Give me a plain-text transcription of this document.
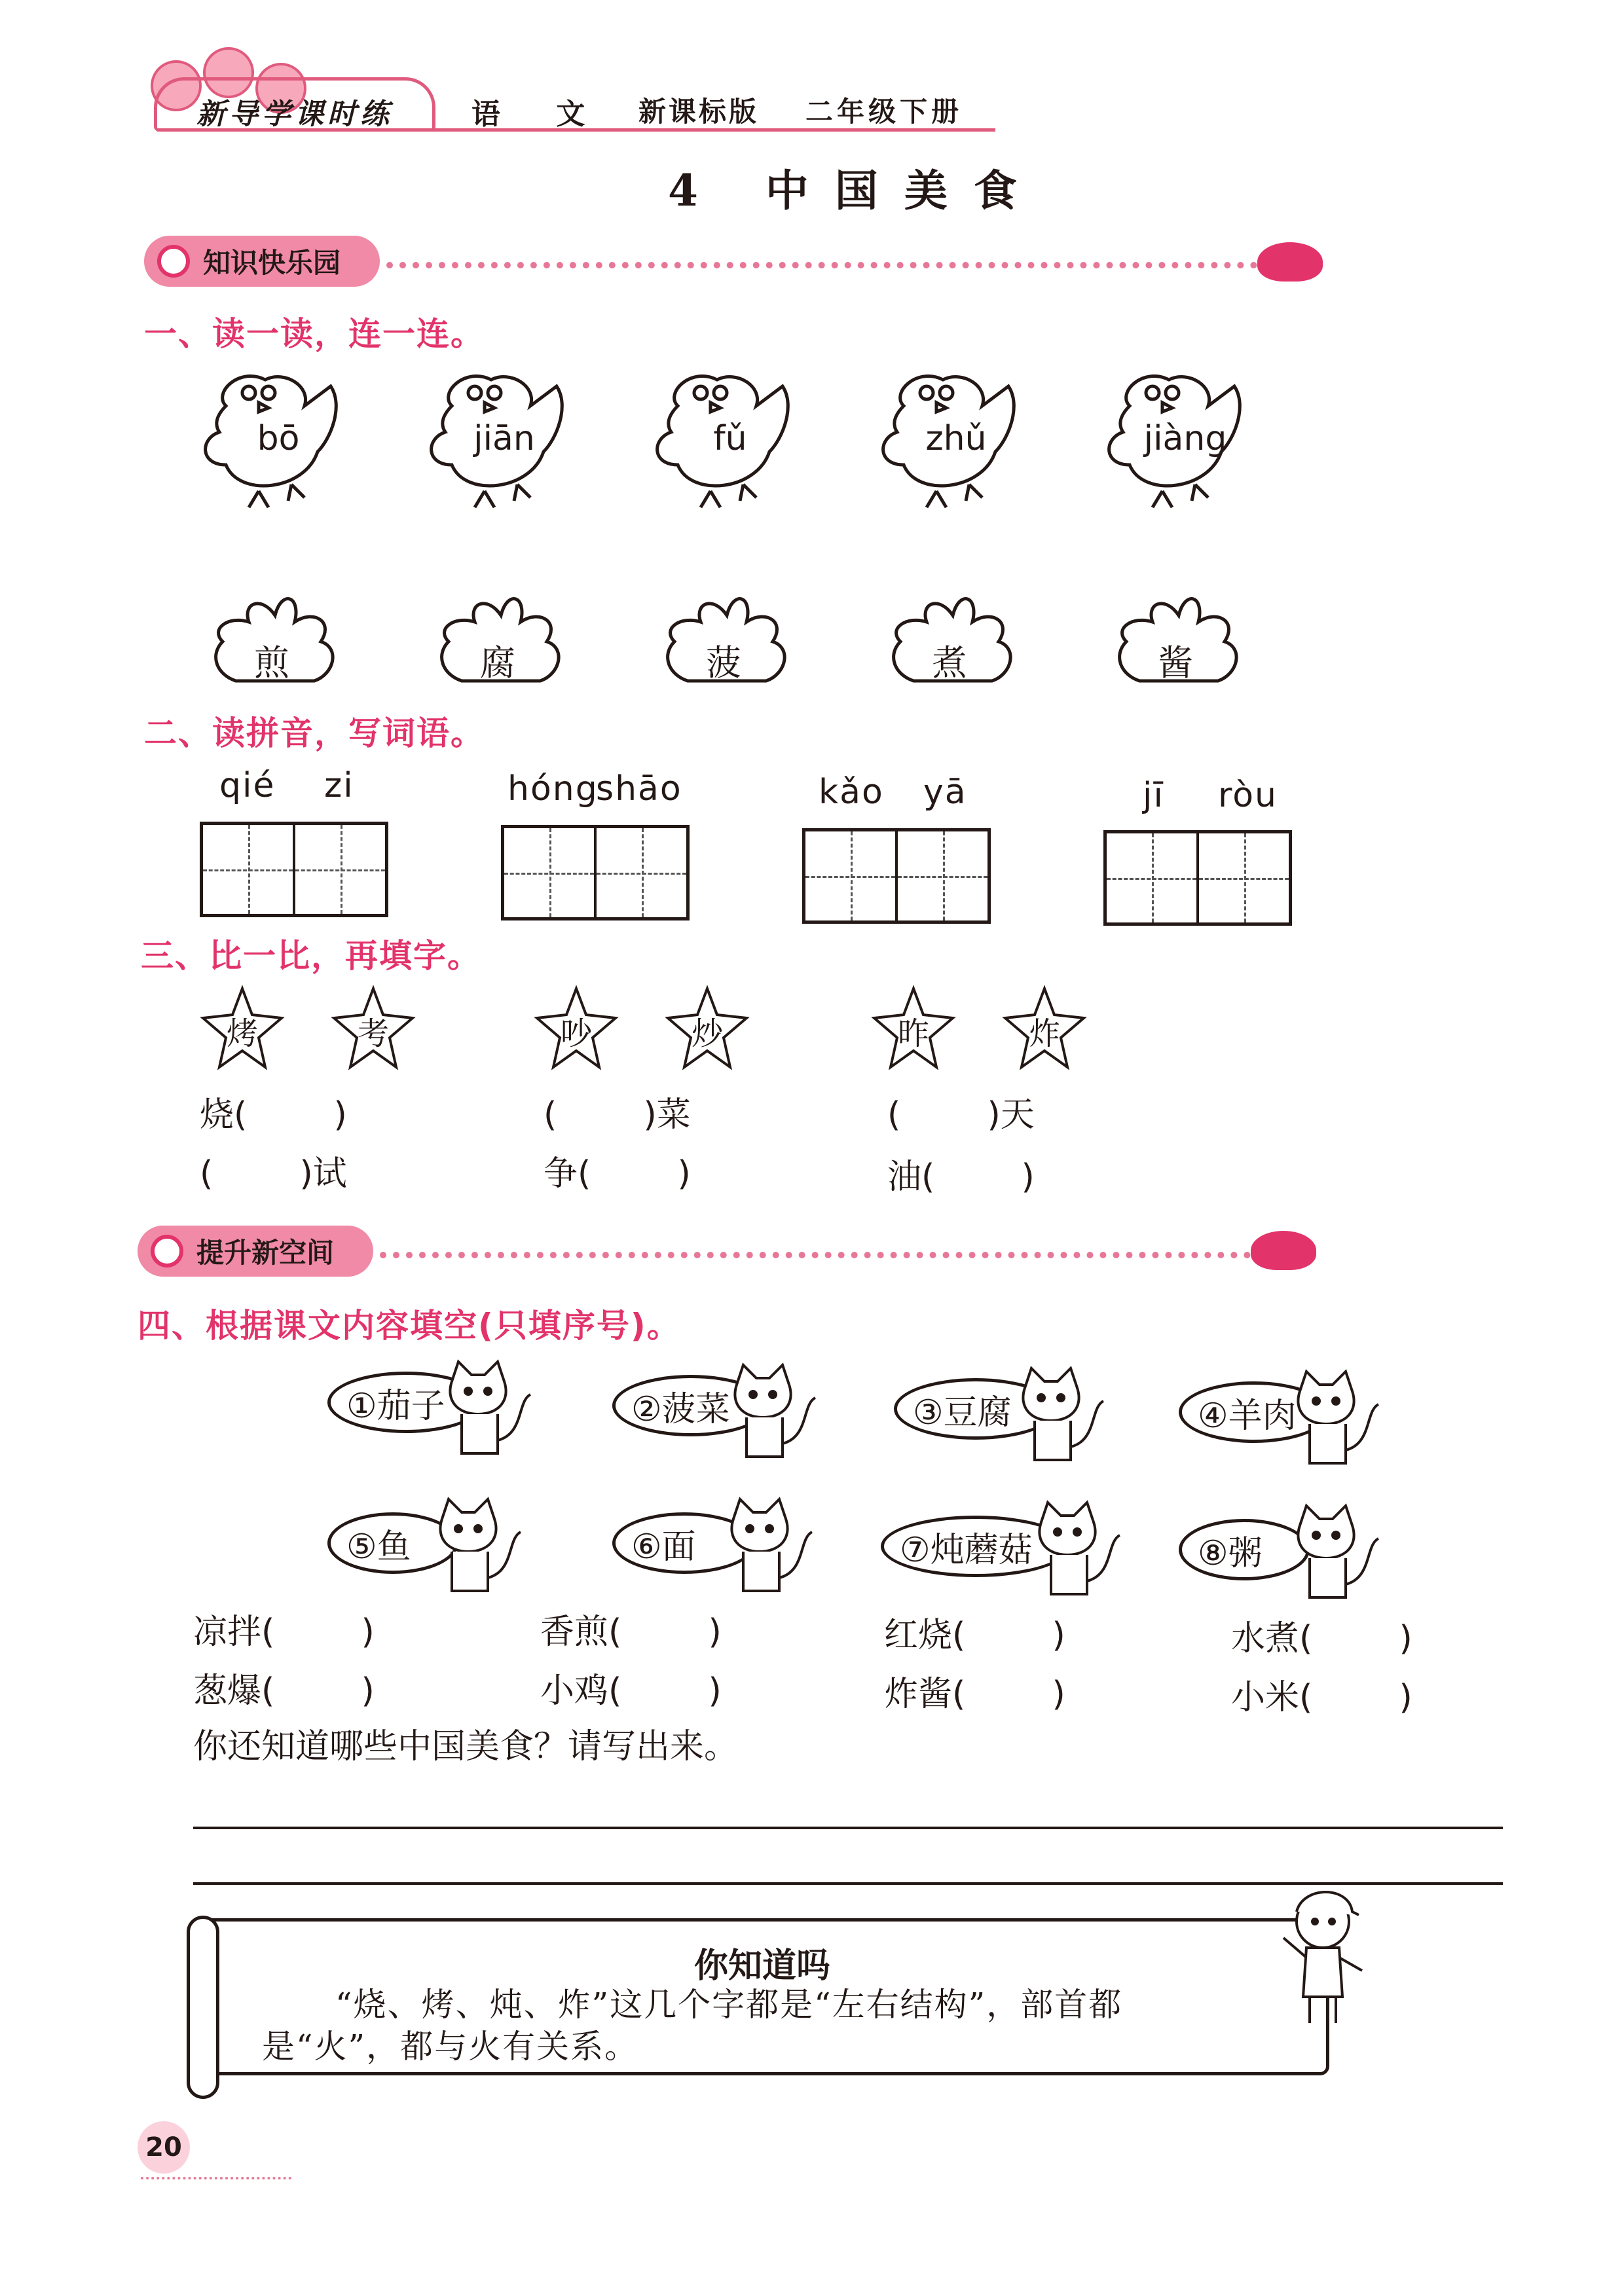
新导学课时练	语 文 新课标版 二年级下册
4 中国美食
知识快乐园
一、读一读，连一连。
bō	jiān	fǔ	zhǔ	jiàng
煎	腐	菠	煮	酱
二、读拼音，写词语。
qié zi	hóng
shāo	kǎo yā	jī ròu
三、比一比，再填字。
烤	考	吵	炒	昨	炸
烧(        )
(        )试
(        )菜
争(        )
(        )天
油(        )
提升新空间
四、根据课文内容填空(只填序号)。
①茄子	②菠菜	③豆腐	④羊肉
⑤鱼	⑥面	⑦炖蘑菇	⑧粥
凉拌(        )	香煎(        )	红烧(        )	水煮(        )
葱爆(        )	小鸡(        )	炸酱(        )	小米(        )
你还知道哪些中国美食？请写出来。
你知道吗
“烧、烤、炖、炸”这几个字都是“左右结构”，部首都是“火”，都与火有关系。
20
